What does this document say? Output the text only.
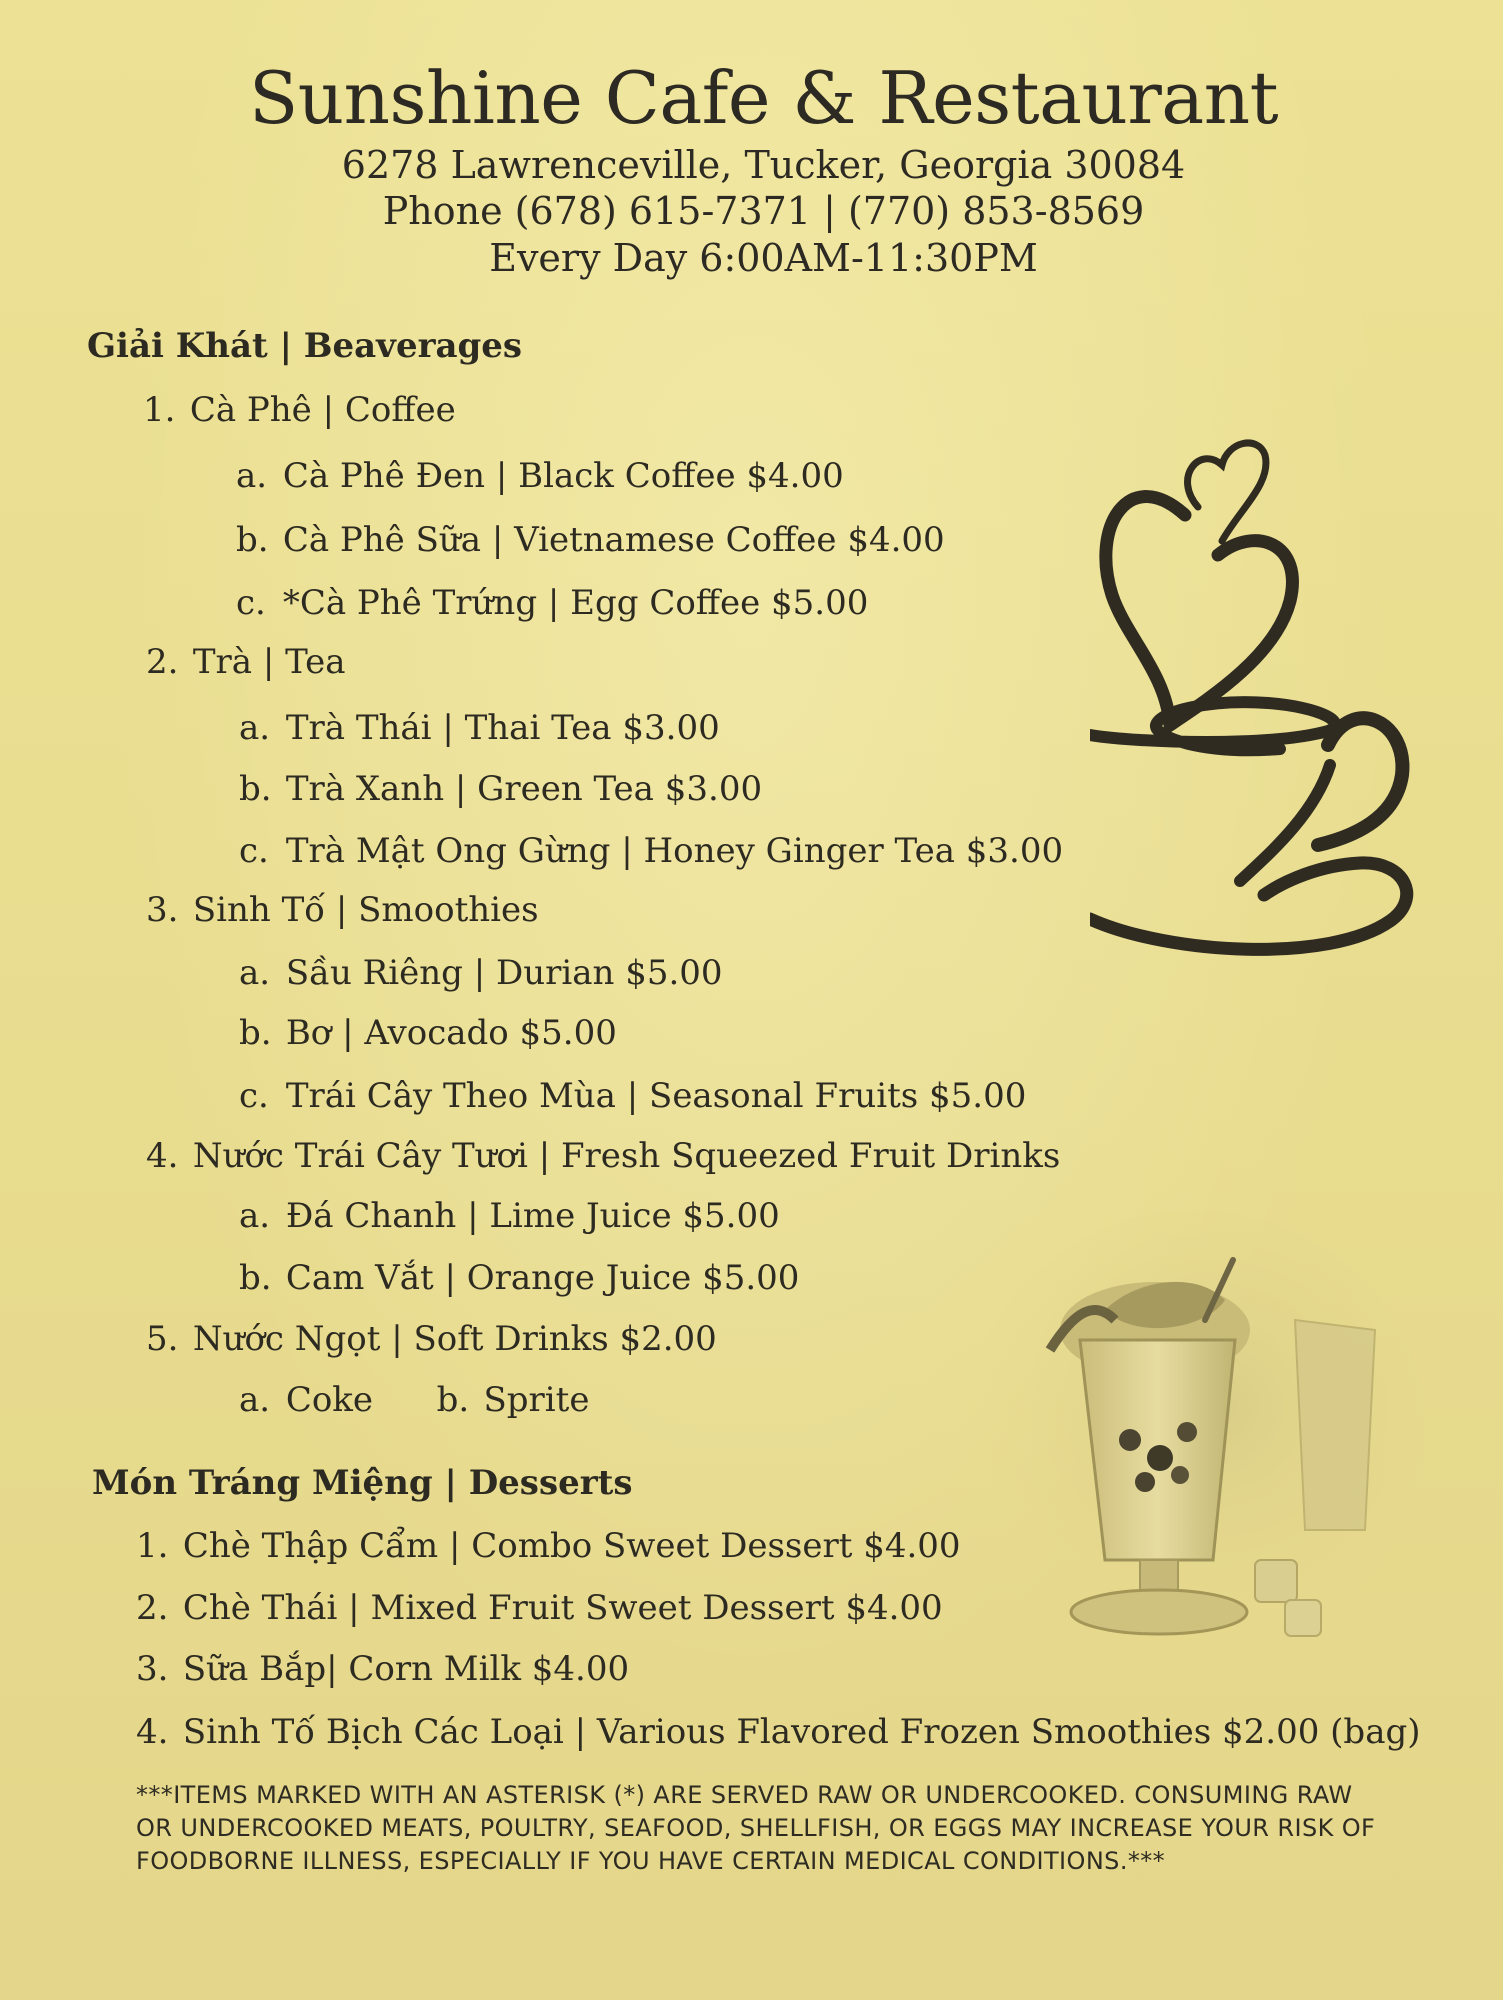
Sunshine Cafe & Restaurant
6278 Lawrenceville, Tucker, Georgia 30084
Phone (678) 615-7371 | (770) 853-8569
Every Day 6:00AM-11:30PM
Giải Khát | Beaverages
1. Cà Phê | Coffee
a. Cà Phê Đen | Black Coffee $4.00
b. Cà Phê Sữa | Vietnamese Coffee $4.00
c. *Cà Phê Trứng | Egg Coffee $5.00
2. Trà | Tea
a. Trà Thái | Thai Tea $3.00
b. Trà Xanh | Green Tea $3.00
c. Trà Mật Ong Gừng | Honey Ginger Tea $3.00
3. Sinh Tố | Smoothies
a. Sầu Riêng | Durian $5.00
b. Bơ | Avocado $5.00
c. Trái Cây Theo Mùa | Seasonal Fruits $5.00
4. Nước Trái Cây Tươi | Fresh Squeezed Fruit Drinks
a. Đá Chanh | Lime Juice $5.00
b. Cam Vắt | Orange Juice $5.00
5. Nước Ngọt | Soft Drinks $2.00
a. Coke b. Sprite
Món Tráng Miệng | Desserts
1. Chè Thập Cẩm | Combo Sweet Dessert $4.00
2. Chè Thái | Mixed Fruit Sweet Dessert $4.00
3. Sữa Bắp| Corn Milk $4.00
4. Sinh Tố Bịch Các Loại | Various Flavored Frozen Smoothies $2.00 (bag)
***ITEMS MARKED WITH AN ASTERISK (*) ARE SERVED RAW OR UNDERCOOKED. CONSUMING RAW OR UNDERCOOKED MEATS, POULTRY, SEAFOOD, SHELLFISH, OR EGGS MAY INCREASE YOUR RISK OF FOODBORNE ILLNESS, ESPECIALLY IF YOU HAVE CERTAIN MEDICAL CONDITIONS.***
